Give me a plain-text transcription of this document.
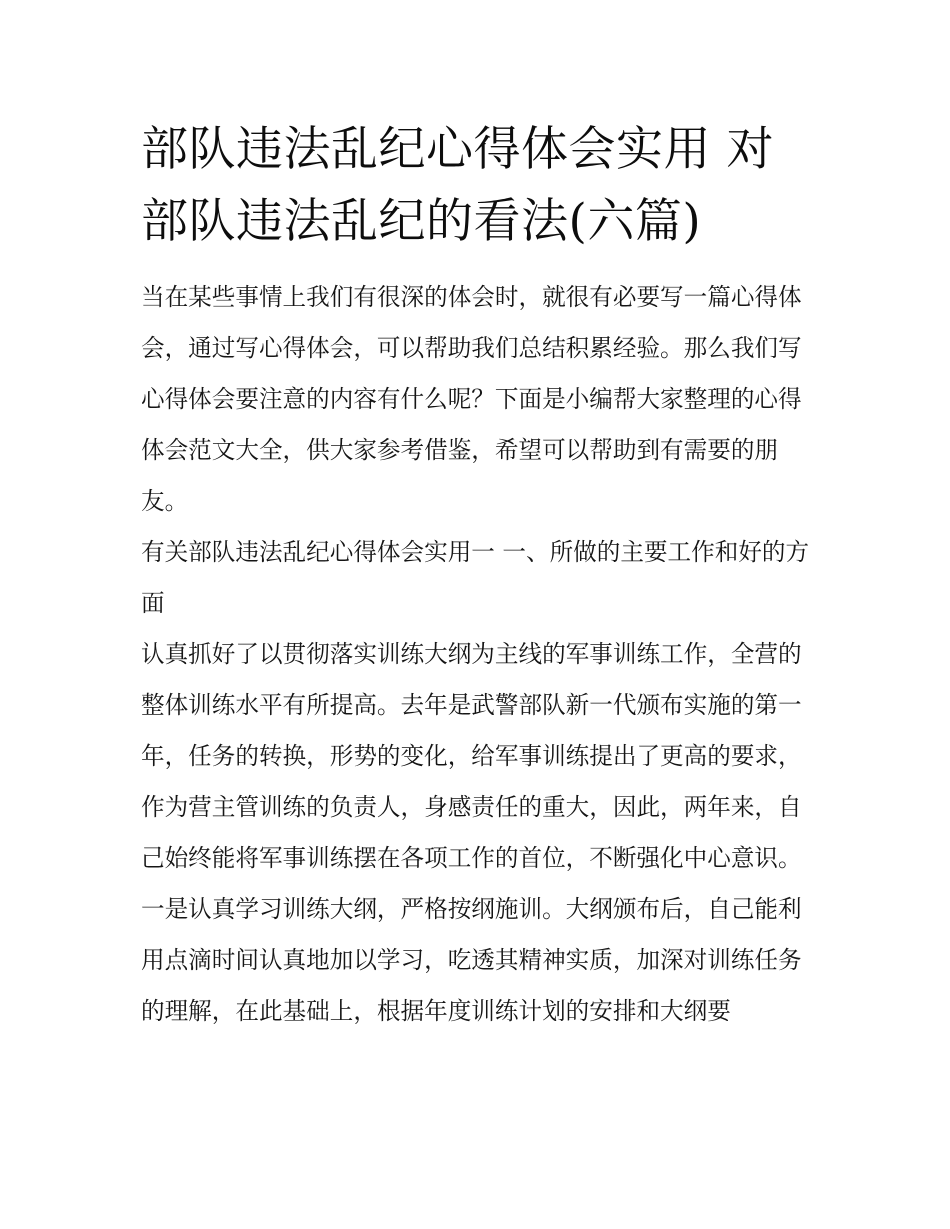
部队违法乱纪心得体会实用 对部队违法乱纪的看法(六篇)

当在某些事情上我们有很深的体会时，就很有必要写一篇心得体会，通过写心得体会，可以帮助我们总结积累经验。那么我们写心得体会要注意的内容有什么呢？下面是小编帮大家整理的心得体会范文大全，供大家参考借鉴，希望可以帮助到有需要的朋友。

有关部队违法乱纪心得体会实用一 一、所做的主要工作和好的方面

认真抓好了以贯彻落实训练大纲为主线的军事训练工作，全营的整体训练水平有所提高。去年是武警部队新一代颁布实施的第一年，任务的转换，形势的变化，给军事训练提出了更高的要求，作为营主管训练的负责人，身感责任的重大，因此，两年来，自己始终能将军事训练摆在各项工作的首位，不断强化中心意识。

一是认真学习训练大纲，严格按纲施训。大纲颁布后，自己能利用点滴时间认真地加以学习，吃透其精神实质，加深对训练任务的理解，在此基础上，根据年度训练计划的安排和大纲要
